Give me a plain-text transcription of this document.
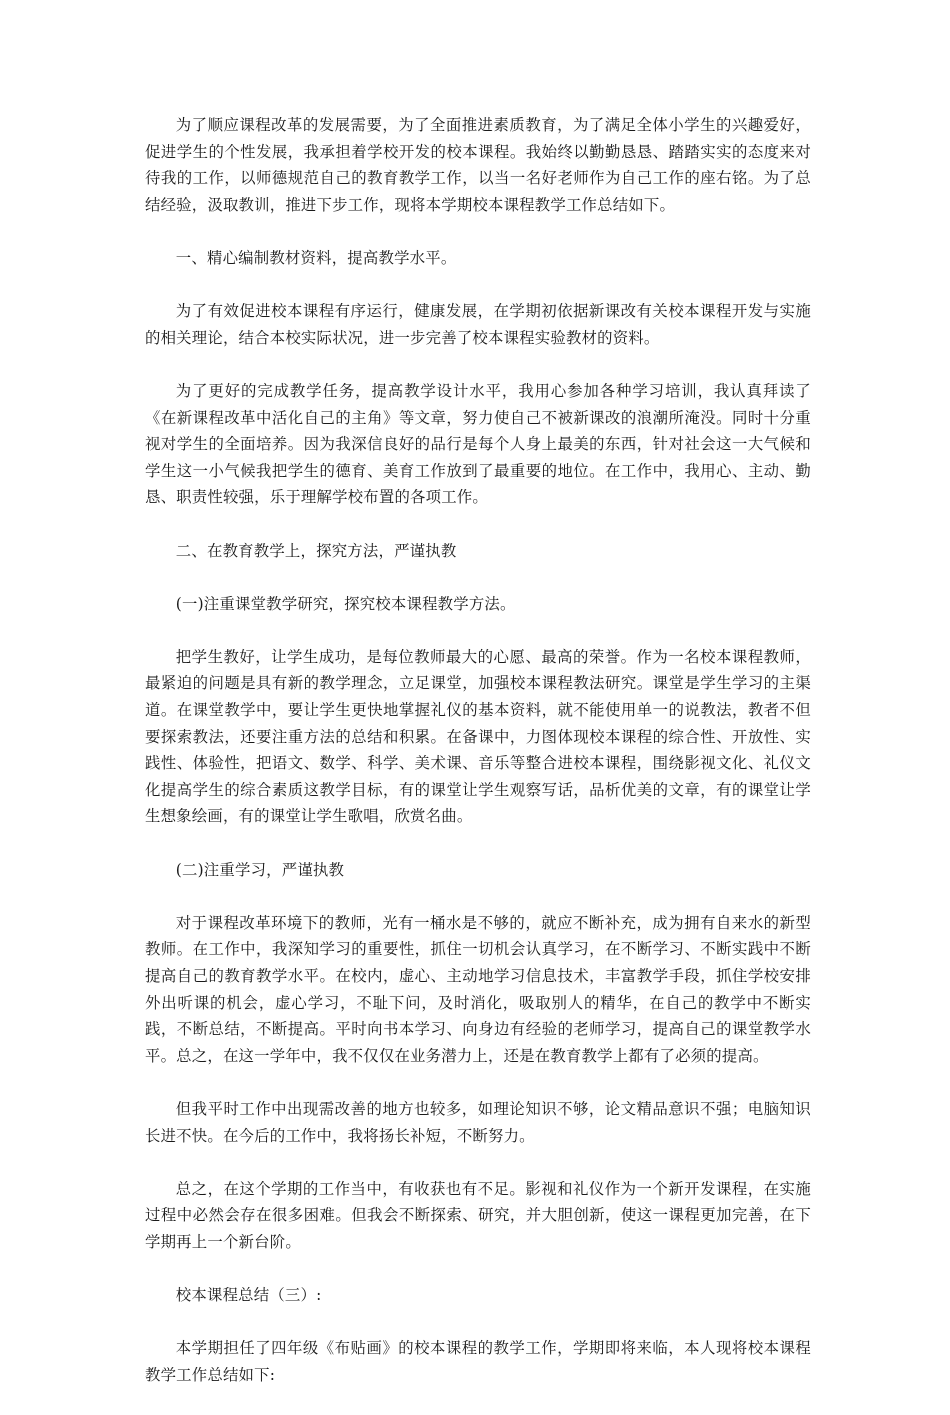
为了顺应课程改革的发展需要，为了全面推进素质教育，为了满足全体小学生的兴趣爱好，促进学生的个性发展，我承担着学校开发的校本课程。我始终以勤勤恳恳、踏踏实实的态度来对待我的工作，以师德规范自己的教育教学工作，以当一名好老师作为自己工作的座右铭。为了总结经验，汲取教训，推进下步工作，现将本学期校本课程教学工作总结如下。

一、精心编制教材资料，提高教学水平。

为了有效促进校本课程有序运行，健康发展，在学期初依据新课改有关校本课程开发与实施的相关理论，结合本校实际状况，进一步完善了校本课程实验教材的资料。

为了更好的完成教学任务，提高教学设计水平，我用心参加各种学习培训，我认真拜读了《在新课程改革中活化自己的主角》等文章，努力使自己不被新课改的浪潮所淹没。同时十分重视对学生的全面培养。因为我深信良好的品行是每个人身上最美的东西，针对社会这一大气候和学生这一小气候我把学生的德育、美育工作放到了最重要的地位。在工作中，我用心、主动、勤恳、职责性较强，乐于理解学校布置的各项工作。

二、在教育教学上，探究方法，严谨执教

(一)注重课堂教学研究，探究校本课程教学方法。

把学生教好，让学生成功，是每位教师最大的心愿、最高的荣誉。作为一名校本课程教师，最紧迫的问题是具有新的教学理念，立足课堂，加强校本课程教法研究。课堂是学生学习的主渠道。在课堂教学中，要让学生更快地掌握礼仪的基本资料，就不能使用单一的说教法，教者不但要探索教法，还要注重方法的总结和积累。在备课中，力图体现校本课程的综合性、开放性、实践性、体验性，把语文、数学、科学、美术课、音乐等整合进校本课程，围绕影视文化、礼仪文化提高学生的综合素质这教学目标，有的课堂让学生观察写话，品析优美的文章，有的课堂让学生想象绘画，有的课堂让学生歌唱，欣赏名曲。

(二)注重学习，严谨执教

对于课程改革环境下的教师，光有一桶水是不够的，就应不断补充，成为拥有自来水的新型教师。在工作中，我深知学习的重要性，抓住一切机会认真学习，在不断学习、不断实践中不断提高自己的教育教学水平。在校内，虚心、主动地学习信息技术，丰富教学手段，抓住学校安排外出听课的机会，虚心学习，不耻下问，及时消化，吸取别人的精华，在自己的教学中不断实践，不断总结，不断提高。平时向书本学习、向身边有经验的老师学习，提高自己的课堂教学水平。总之，在这一学年中，我不仅仅在业务潜力上，还是在教育教学上都有了必须的提高。

但我平时工作中出现需改善的地方也较多，如理论知识不够，论文精品意识不强；电脑知识长进不快。在今后的工作中，我将扬长补短，不断努力。

总之，在这个学期的工作当中，有收获也有不足。影视和礼仪作为一个新开发课程，在实施过程中必然会存在很多困难。但我会不断探索、研究，并大胆创新，使这一课程更加完善，在下学期再上一个新台阶。

校本课程总结（三）:

本学期担任了四年级《布贴画》的校本课程的教学工作，学期即将来临，本人现将校本课程教学工作总结如下:
